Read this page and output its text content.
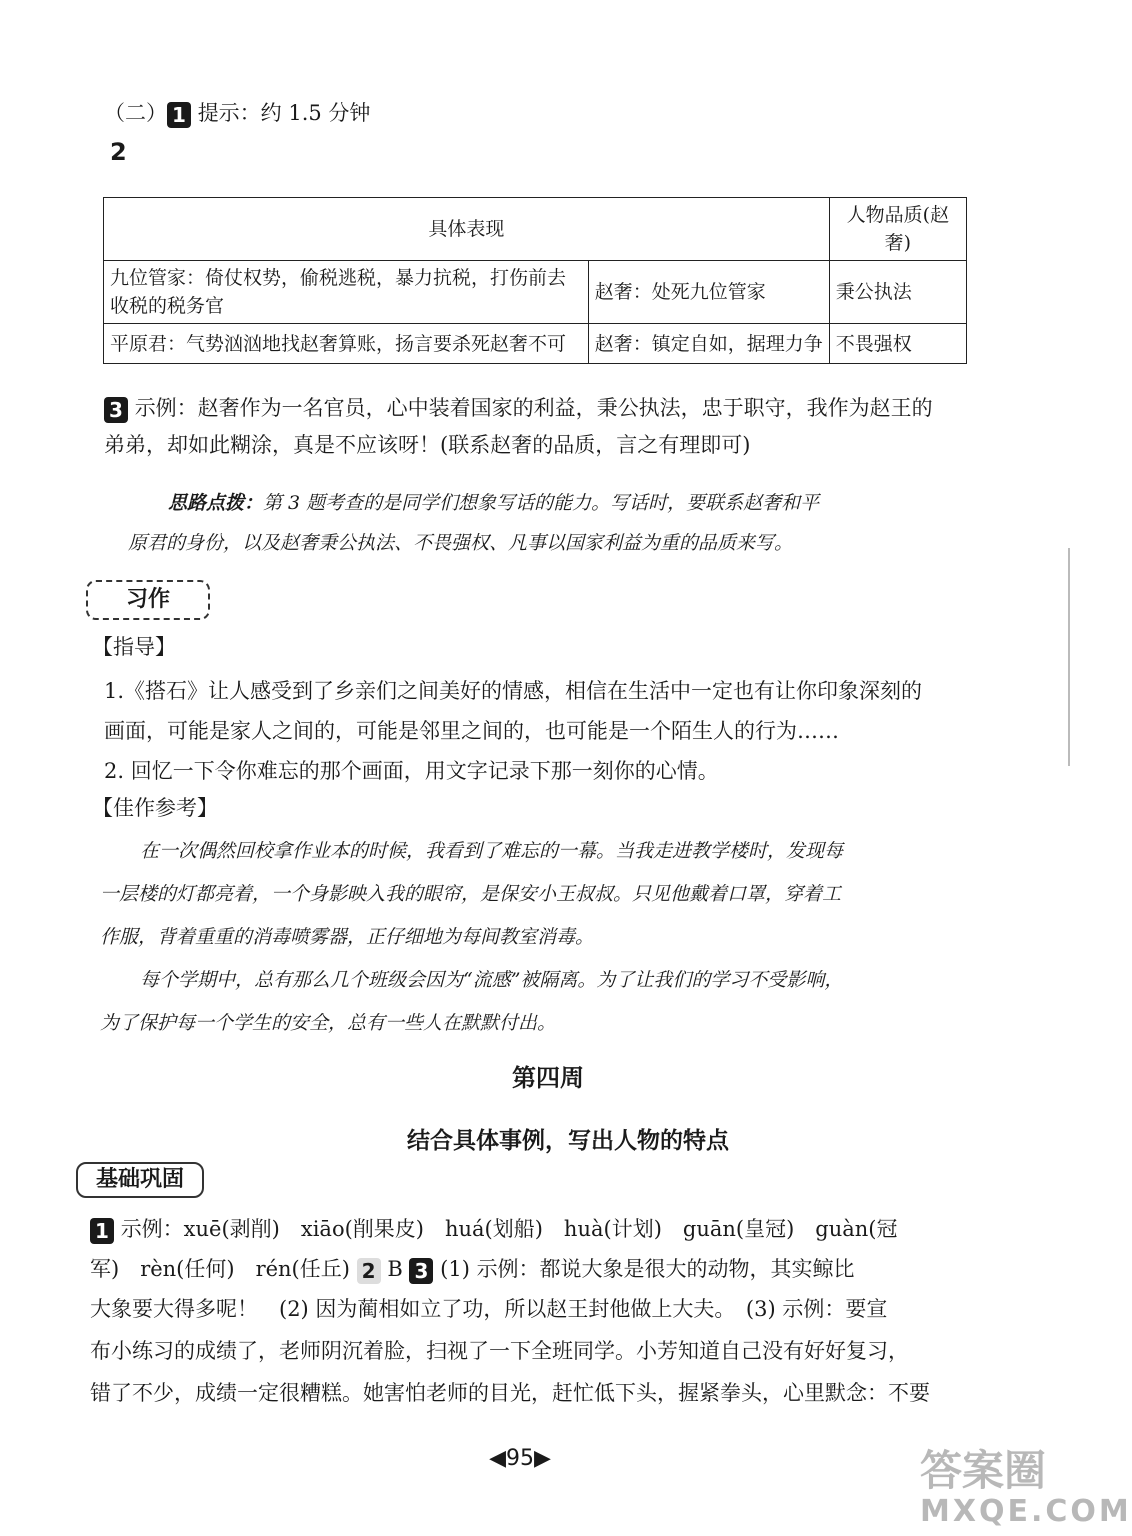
（二） 1 提示：约 1.5 分钟
2
具体表现		人物品质(赵奢)
九位管家：倚仗权势，偷税逃税，暴力抗税，打伤前去收税的税务官	赵奢：处死九位管家	秉公执法
平原君：气势汹汹地找赵奢算账，扬言要杀死赵奢不可	赵奢：镇定自如，据理力争	不畏强权
3 示例：赵奢作为一名官员，心中装着国家的利益，秉公执法，忠于职守，我作为赵王的
弟弟，却如此糊涂，真是不应该呀！(联系赵奢的品质，言之有理即可)
思路点拨：第 3 题考查的是同学们想象写话的能力。写话时，要联系赵奢和平
原君的身份，以及赵奢秉公执法、不畏强权、凡事以国家利益为重的品质来写。
习作
【指导】
1.《搭石》让人感受到了乡亲们之间美好的情感，相信在生活中一定也有让你印象深刻的
画面，可能是家人之间的，可能是邻里之间的，也可能是一个陌生人的行为……
2. 回忆一下令你难忘的那个画面，用文字记录下那一刻你的心情。
【佳作参考】
在一次偶然回校拿作业本的时候，我看到了难忘的一幕。当我走进教学楼时，发现每
一层楼的灯都亮着，一个身影映入我的眼帘，是保安小王叔叔。只见他戴着口罩，穿着工
作服，背着重重的消毒喷雾器，正仔细地为每间教室消毒。
每个学期中，总有那么几个班级会因为“流感”被隔离。为了让我们的学习不受影响，
为了保护每一个学生的安全，总有一些人在默默付出。
第四周
结合具体事例，写出人物的特点
基础巩固
1 示例：xuē(剥削)　xiāo(削果皮)　huá(划船)　huà(计划)　guān(皇冠)　guàn(冠
军)　rèn(任何)　rén(任丘) 2 B 3 (1) 示例：都说大象是很大的动物，其实鲸比
大象要大得多呢！　(2) 因为蔺相如立了功，所以赵王封他做上大夫。　(3) 示例：要宣
布小练习的成绩了，老师阴沉着脸，扫视了一下全班同学。小芳知道自己没有好好复习，
错了不少，成绩一定很糟糕。她害怕老师的目光，赶忙低下头，握紧拳头，心里默念：不要
◀95▶	答案圈
MXQE.COM
